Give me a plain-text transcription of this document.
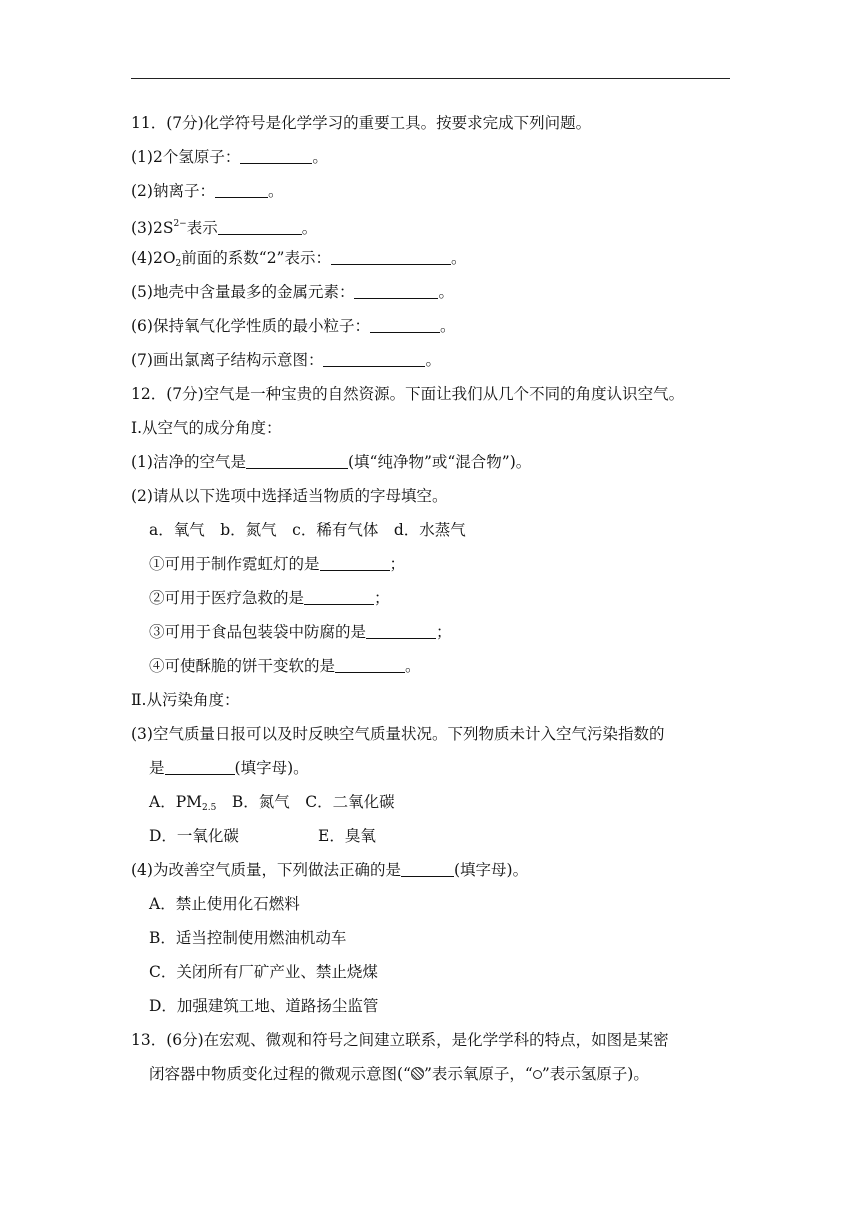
11．(7分)化学符号是化学学习的重要工具。按要求完成下列问题。
(1)2个氢原子：	。
(2)钠离子：	。
$(3)2S^{2-}$表示	。
$(4)2O_2$前面的系数“2”表示：	。
(5)地壳中含量最多的金属元素：	。
(6)保持氧气化学性质的最小粒子：	。
(7)画出氯离子结构示意图：	。
12．(7分)空气是一种宝贵的自然资源。下面让我们从几个不同的角度认识空气。
Ⅰ.从空气的成分角度：
(1)洁净的空气是	(填“纯净物”或“混合物”)。
(2)请从以下选项中选择适当物质的字母填空。
a．氧气　b．氮气　c．稀有气体　d．水蒸气
①可用于制作霓虹灯的是	；
②可用于医疗急救的是	；
③可用于食品包装袋中防腐的是	；
④可使酥脆的饼干变软的是	。
Ⅱ.从污染角度：
(3)空气质量日报可以及时反映空气质量状况。下列物质未计入空气污染指数的
是	(填字母)。
A．$PM_{2.5}$　B．氮气　C．二氧化碳
D．一氧化碳	E．臭氧
(4)为改善空气质量，下列做法正确的是	(填字母)。
A．禁止使用化石燃料
B．适当控制使用燃油机动车
C．关闭所有厂矿产业、禁止烧煤
D．加强建筑工地、道路扬尘监管
13．(6分)在宏观、微观和符号之间建立联系，是化学学科的特点，如图是某密
闭容器中物质变化过程的微观示意图(“ ”表示氧原子，“ ”表示氢原子)。
